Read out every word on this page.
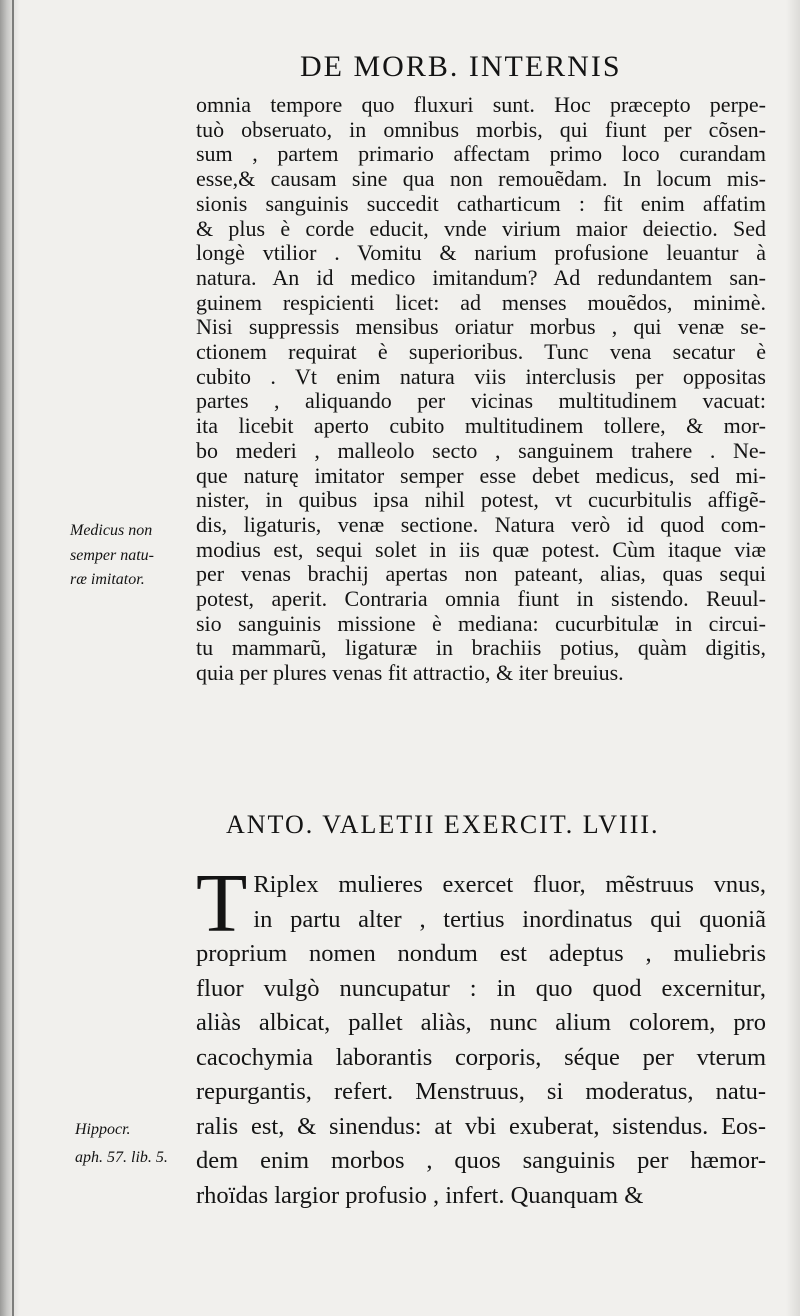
DE MORB. INTERNIS
omnia tempore quo fluxuri sunt. Hoc præcepto perpe-
tuò obseruato, in omnibus morbis, qui fiunt per cõsen-
sum , partem primario affectam primo loco curandam
esse,& causam sine qua non remouẽdam. In locum mis-
sionis sanguinis succedit catharticum : fit enim affatim
& plus è corde educit, vnde virium maior deiectio. Sed
longè vtilior . Vomitu & narium profusione leuantur à
natura. An id medico imitandum? Ad redundantem san-
guinem respicienti licet: ad menses mouẽdos, minimè.
Nisi suppressis mensibus oriatur morbus , qui venæ se-
ctionem requirat è superioribus. Tunc vena secatur è
cubito . Vt enim natura viis interclusis per oppositas
partes , aliquando per vicinas multitudinem vacuat:
ita licebit aperto cubito multitudinem tollere, & mor-
bo mederi , malleolo secto , sanguinem trahere . Ne-
que naturę imitator semper esse debet medicus, sed mi-
nister, in quibus ipsa nihil potest, vt cucurbitulis affigẽ-
dis, ligaturis, venæ sectione. Natura verò id quod com-
modius est, sequi solet in iis quæ potest. Cùm itaque viæ
per venas brachij apertas non pateant, alias, quas sequi
potest, aperit. Contraria omnia fiunt in sistendo. Reuul-
sio sanguinis missione è mediana: cucurbitulæ in circui-
tu mammarũ, ligaturæ in brachiis potius, quàm digitis,
quia per plures venas fit attractio, & iter breuius.
Medicus non
semper natu-
ræ imitator.
ANTO. VALETII EXERCIT. LVIII.
T Riplex mulieres exercet fluor, mẽstruus vnus,
in partu alter , tertius inordinatus qui quoniã
proprium nomen nondum est adeptus , muliebris
fluor vulgò nuncupatur : in quo quod excernitur,
aliàs albicat, pallet aliàs, nunc alium colorem, pro
cacochymia laborantis corporis, séque per vterum
repurgantis, refert. Menstruus, si moderatus, natu-
ralis est, & sinendus: at vbi exuberat, sistendus. Eos-
dem enim morbos , quos sanguinis per hæmor-
rhoïdas largior profusio , infert. Quanquam &
Hippocr.
aph. 57. lib. 5.
